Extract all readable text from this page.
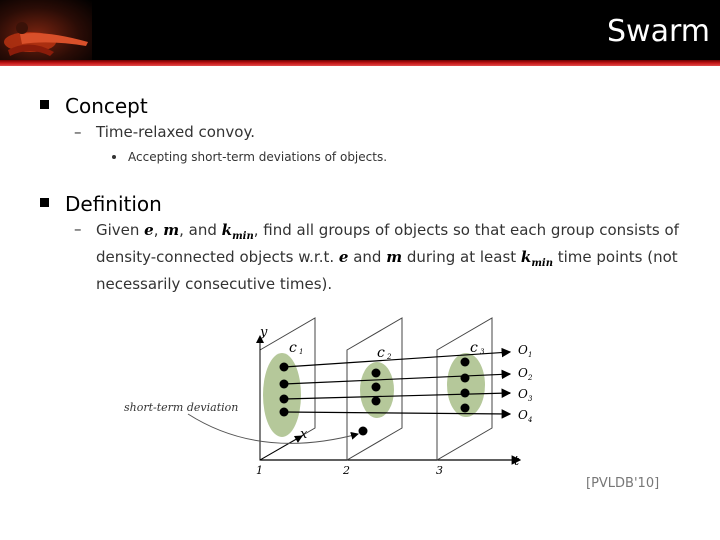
Swarm
Concept
– Time-relaxed convoy.
Accepting short-term deviations of objects.
Definition
– Given e, m, and $k_{min}$, find all groups of objects so that each group consists of
density-connected objects w.r.t. e and m during at least $k_{min}$ time points (not
necessarily consecutive times).
y
x
t
1	2	3
c 1	c 2
c 3	O 1
O 2
O 3
O 4
short-term deviation
[PVLDB'10]
